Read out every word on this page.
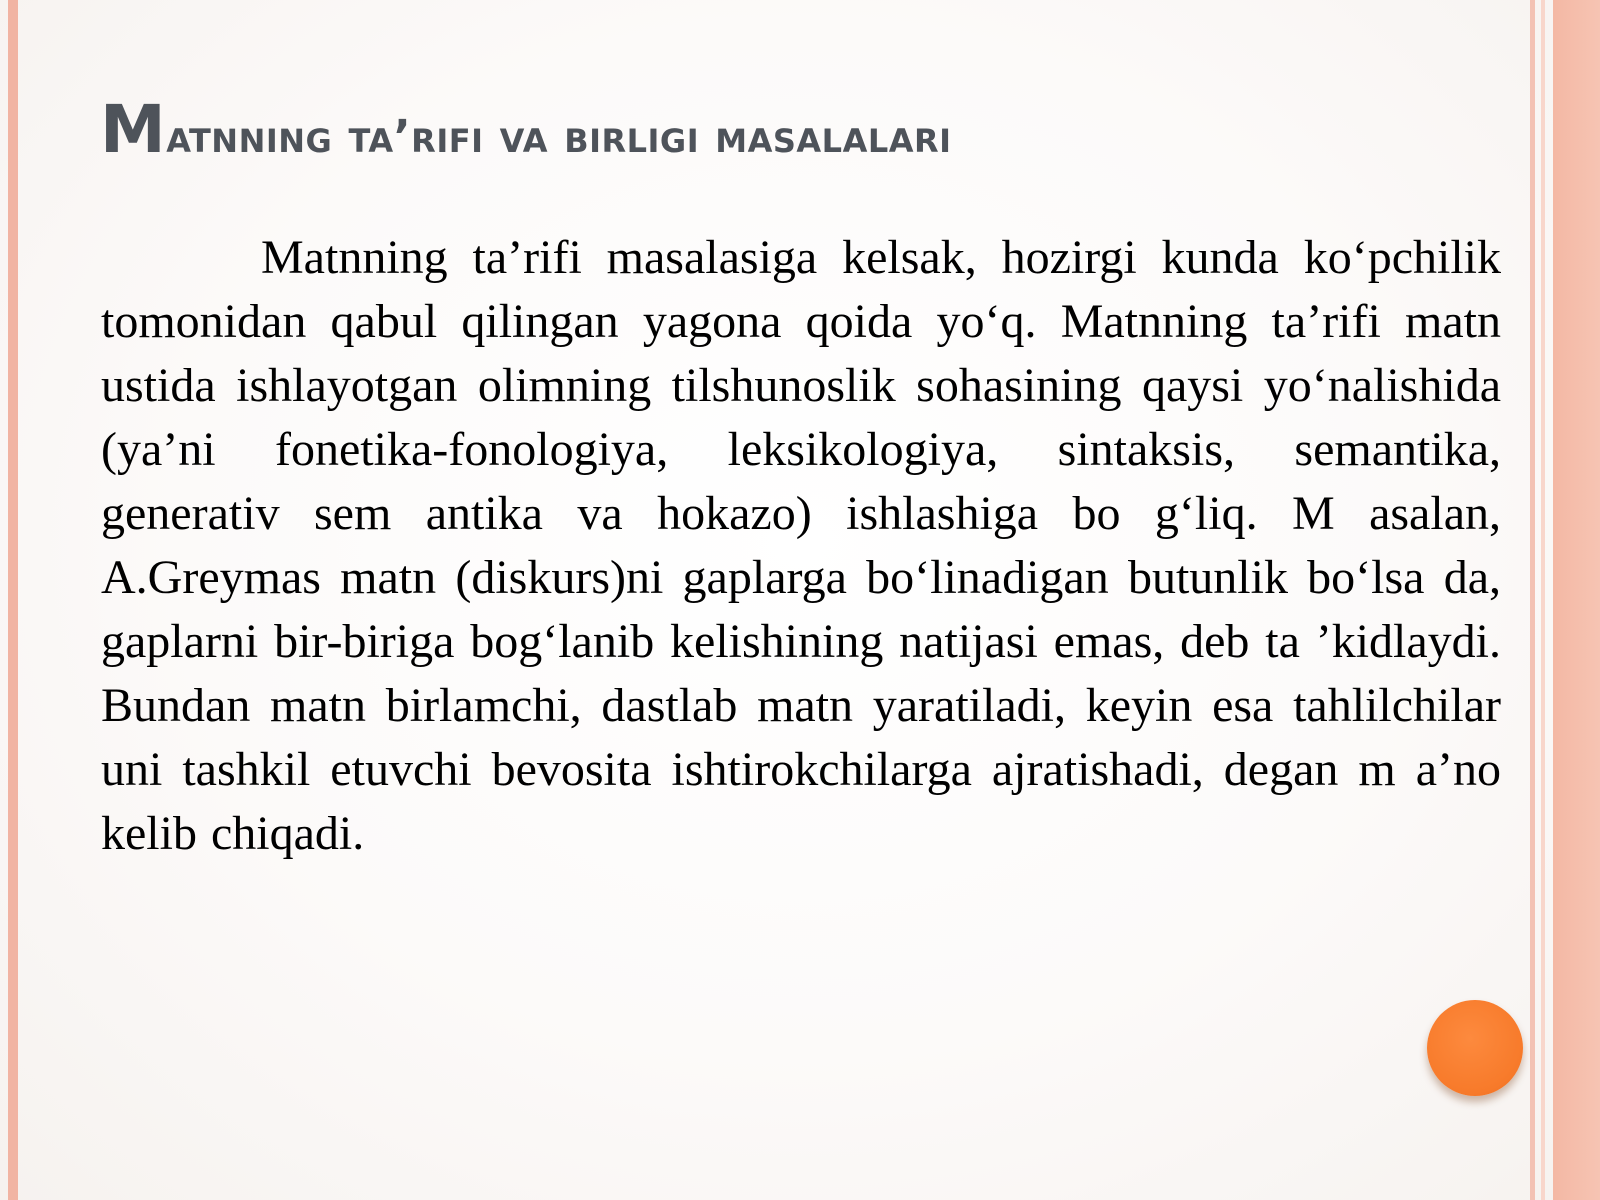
Matnning ta’rifi va birligi masalalari

Matnning ta’rifi masalasiga kelsak, hozirgi kunda ko‘pchilik tomonidan qabul qilingan yagona qoida yo‘q. Matnning ta’rifi matn ustida ishlayotgan olimning tilshunoslik sohasining qaysi yo‘nalishida (ya’ni fonetika-fonologiya, leksikologiya, sintaksis, semantika, generativ sem antika va hokazo) ishlashiga bo g‘liq. M asalan, A.Greymas matn (diskurs)ni gaplarga bo‘linadigan butunlik bo‘lsa da, gaplarni bir-biriga bog‘lanib kelishining natijasi emas, deb ta ’kidlaydi. Bundan matn birlamchi, dastlab matn yaratiladi, keyin esa tahlilchilar uni tashkil etuvchi bevosita ishtirokchilarga ajratishadi, degan m a’no kelib chiqadi.
